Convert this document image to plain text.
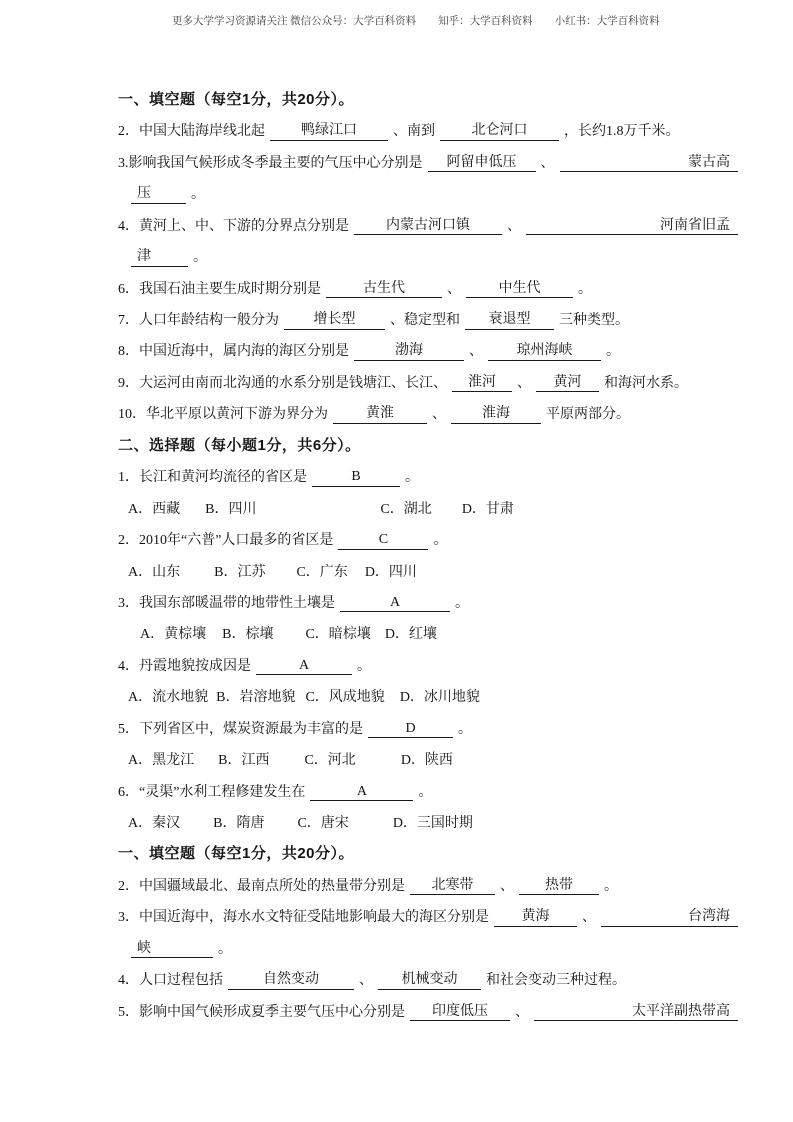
更多大学学习资源请关注 微信公众号：大学百科资料 知乎：大学百科资料 小红书：大学百科资料
一、填空题（每空1分，共20分）。
2．中国大陆海岸线北起	鸭绿江口	、南到	北仑河口	，长约1.8万千米。
3.影响我国气候形成冬季最主要的气压中心分别是	阿留申低压	、	蒙古高
压	。
4．黄河上、中、下游的分界点分别是	内蒙古河口镇	、	河南省旧孟
津	。
6．我国石油主要生成时期分别是	古生代	、	中生代	。
7．人口年龄结构一般分为	增长型	、稳定型和	衰退型	三种类型。
8．中国近海中，属内海的海区分别是	渤海	、	琼州海峡	。
9．大运河由南而北沟通的水系分别是钱塘江、长江、	淮河	、	黄河	和海河水系。
10．华北平原以黄河下游为界分为	黄淮	、	淮海	平原两部分。
二、选择题（每小题1分，共6分）。
1．长江和黄河均流径的省区是	B	。
A．西藏 B．四川	C．湖北 D．甘肃
2．2010年“六普”人口最多的省区是	C	。
A．山东 B．江苏 C．广东 D．四川
3．我国东部暖温带的地带性土壤是	A	。
A．黄棕壤 B．棕壤 C．暗棕壤 D．红壤
4．丹霞地貌按成因是	A	。
A．流水地貌 B．岩溶地貌 C．风成地貌 D．冰川地貌
5．下列省区中，煤炭资源最为丰富的是	D	。
A．黑龙江 B．江西	C．河北	D．陕西
6．“灵渠”水利工程修建发生在	A	。
A．秦汉 B．隋唐 C．唐宋	D．三国时期
一、填空题（每空1分，共20分）。
2．中国疆域最北、最南点所处的热量带分别是	北寒带	、	热带	。
3．中国近海中，海水水文特征受陆地影响最大的海区分别是	黄海	、	台湾海
峡	。
4．人口过程包括	自然变动	、	机械变动	和社会变动三种过程。
5．影响中国气候形成夏季主要气压中心分别是	印度低压	、	太平洋副热带高
